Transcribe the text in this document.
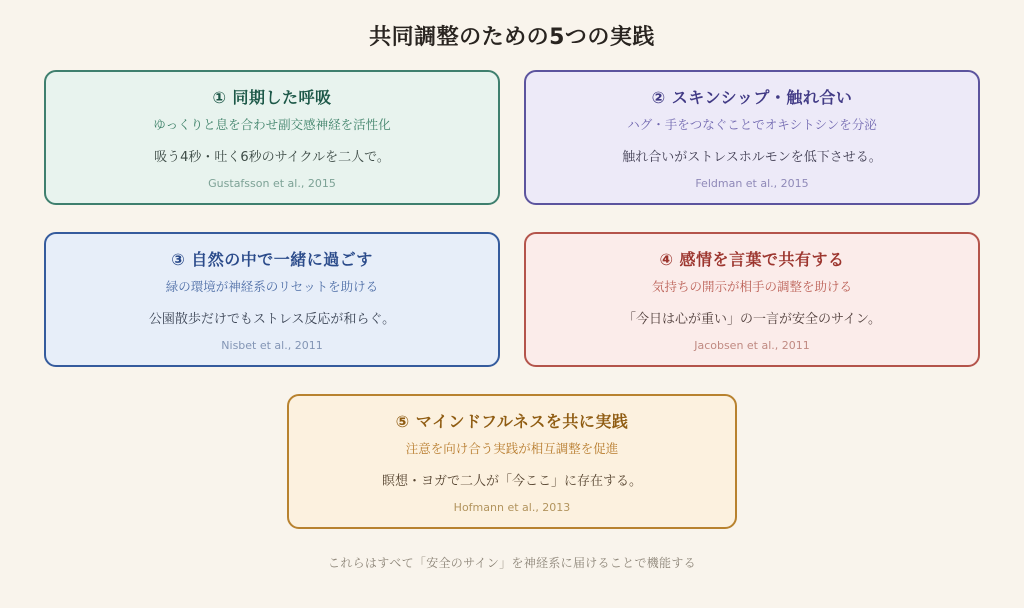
共同調整のための5つの実践
① 同期した呼吸

ゆっくりと息を合わせ副交感神経を活性化

吸う4秒・吐く6秒のサイクルを二人で。

Gustafsson et al., 2015

② スキンシップ・触れ合い

ハグ・手をつなぐことでオキシトシンを分泌

触れ合いがストレスホルモンを低下させる。

Feldman et al., 2015

③ 自然の中で一緒に過ごす

緑の環境が神経系のリセットを助ける

公園散歩だけでもストレス反応が和らぐ。

Nisbet et al., 2011

④ 感情を言葉で共有する

気持ちの開示が相手の調整を助ける

「今日は心が重い」の一言が安全のサイン。

Jacobsen et al., 2011

⑤ マインドフルネスを共に実践

注意を向け合う実践が相互調整を促進

瞑想・ヨガで二人が「今ここ」に存在する。

Hofmann et al., 2013

これらはすべて「安全のサイン」を神経系に届けることで機能する
